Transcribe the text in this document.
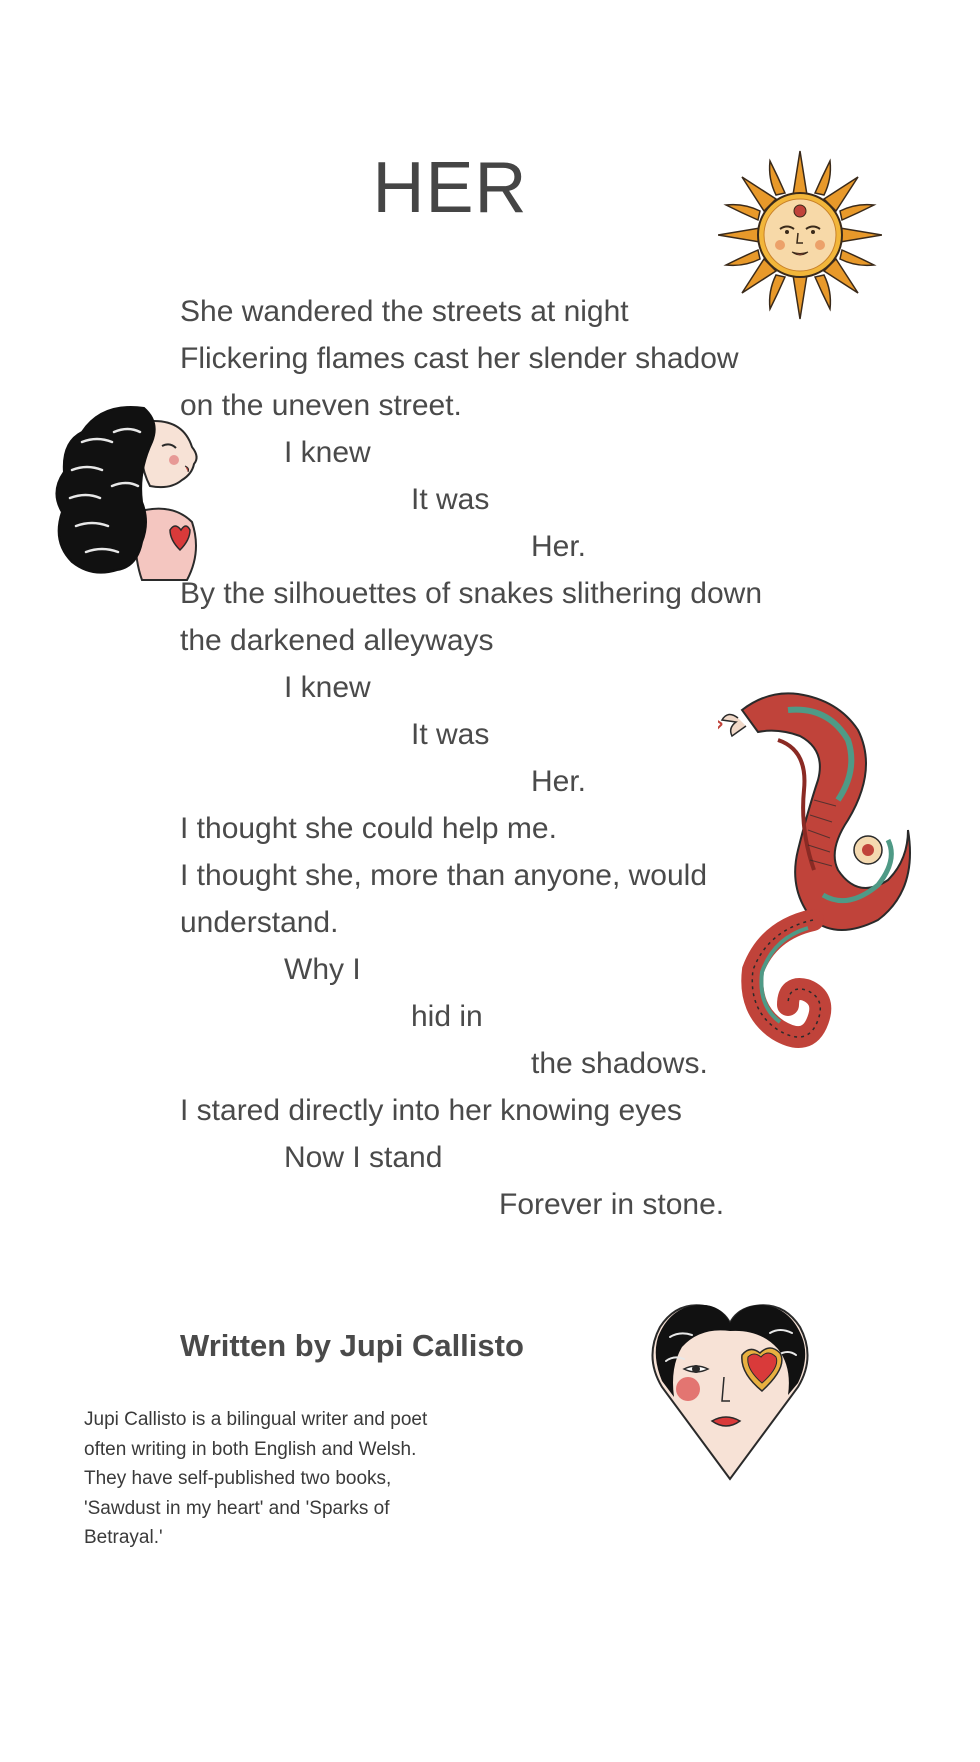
HER
She wandered the streets at night
Flickering flames cast her slender shadow
on the uneven street.
I knew
It was
Her.
By the silhouettes of snakes slithering down
the darkened alleyways
I knew
It was
Her.
I thought she could help me.
I thought she, more than anyone, would
understand.
Why I
hid in
the shadows.
I stared directly into her knowing eyes
Now I stand
Forever in stone.
Written by Jupi Callisto
Jupi Callisto is a bilingual writer and poet
often writing in both English and Welsh.
They have self-published two books,
'Sawdust in my heart' and 'Sparks of
Betrayal.'
